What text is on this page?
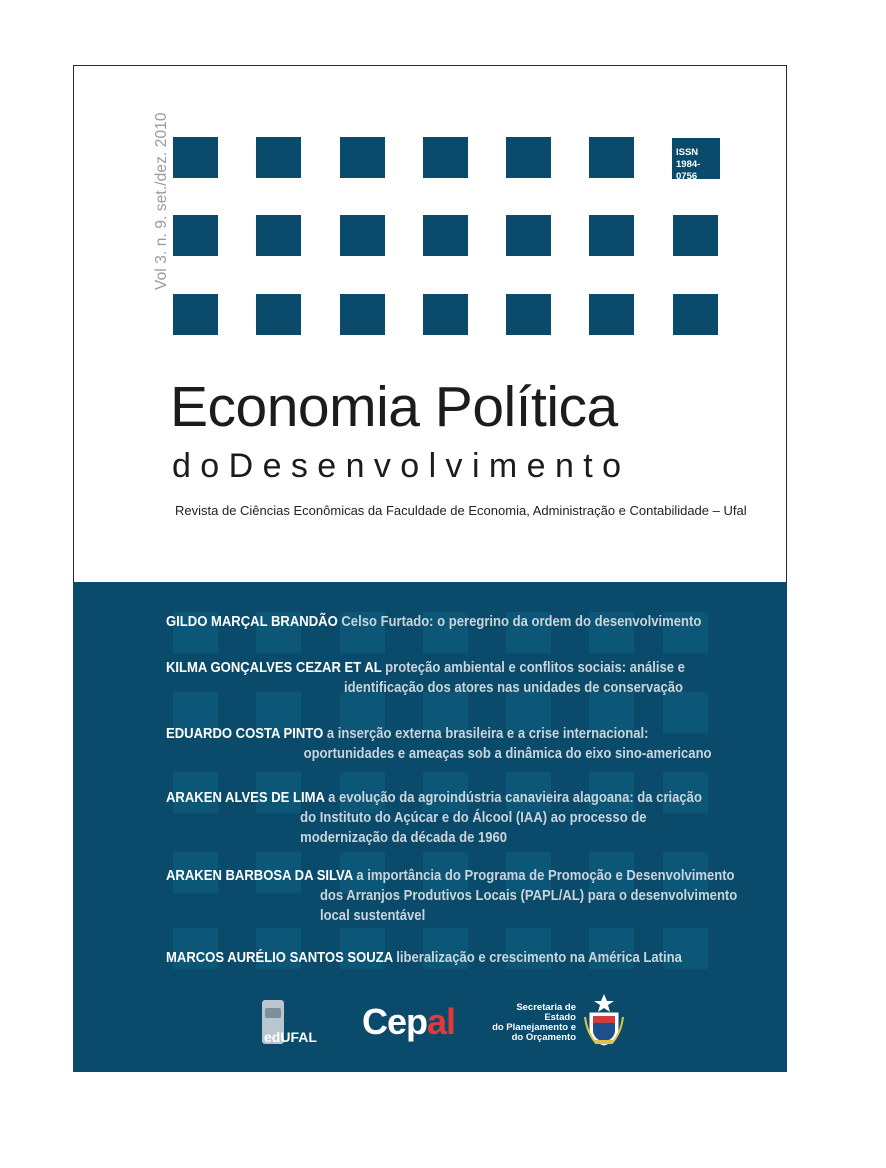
Vol 3. n. 9. set./dez. 2010	ISSN
1984-0756
Economia Política
doDesenvolvimento
Revista de Ciências Econômicas da Faculdade de Economia, Administração e Contabilidade – Ufal
GILDO MARÇAL BRANDÃO Celso Furtado: o peregrino da ordem do desenvolvimento
KILMA GONÇALVES CEZAR ET AL proteção ambiental e conflitos sociais: análise e
identificação dos atores nas unidades de conservação
EDUARDO COSTA PINTO a inserção externa brasileira e a crise internacional:
oportunidades e ameaças sob a dinâmica do eixo sino-americano
ARAKEN ALVES DE LIMA a evolução da agroindústria canavieira alagoana: da criação
do Instituto do Açúcar e do Álcool (IAA) ao processo de
modernização da década de 1960
ARAKEN BARBOSA DA SILVA a importância do Programa de Promoção e Desenvolvimento
dos Arranjos Produtivos Locais (PAPL/AL) para o desenvolvimento
local sustentável
MARCOS AURÉLIO SANTOS SOUZA liberalização e crescimento na América Latina
edUFAL Cepal	Secretaria de Estado
do Planejamento e
do Orçamento
